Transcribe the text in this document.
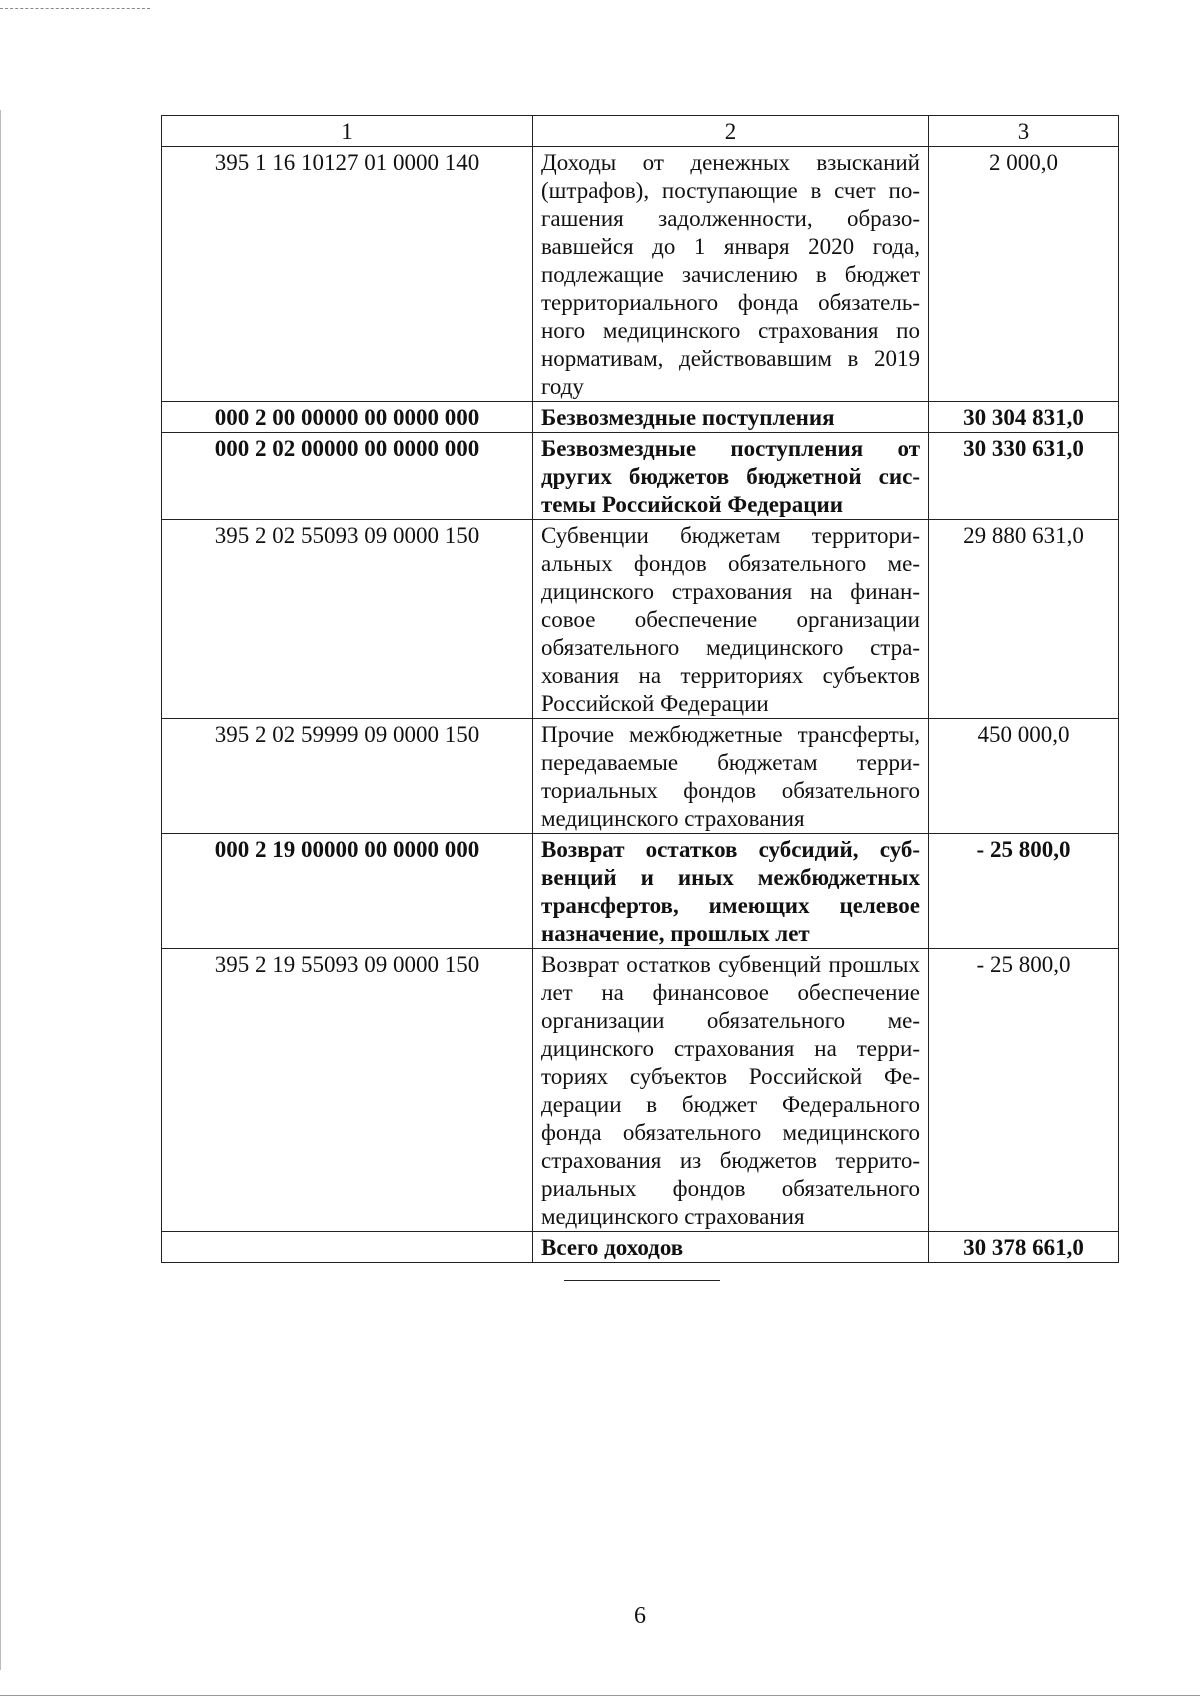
1	2	3
395 1 16 10127 01 0000 140	Доходы от денежных взысканий (штрафов), поступающие в счет погашения задолженности, образовавшейся до 1 января 2020 года, подлежащие зачислению в бюджет территориального фонда обязательного медицинского страхования по нормативам, действовавшим в 2019 году	2 000,0
000 2 00 00000 00 0000 000	Безвозмездные поступления	30 304 831,0
000 2 02 00000 00 0000 000	Безвозмездные поступления от других бюджетов бюджетной системы Российской Федерации	30 330 631,0
395 2 02 55093 09 0000 150	Субвенции бюджетам территориальных фондов обязательного медицинского страхования на финансовое обеспечение организации обязательного медицинского страхования на территориях субъектов Российской Федерации	29 880 631,0
395 2 02 59999 09 0000 150	Прочие межбюджетные трансферты, передаваемые бюджетам территориальных фондов обязательного медицинского страхования	450 000,0
000 2 19 00000 00 0000 000	Возврат остатков субсидий, субвенций и иных межбюджетных трансфертов, имеющих целевое назначение, прошлых лет	- 25 800,0
395 2 19 55093 09 0000 150	Возврат остатков субвенций прошлых лет на финансовое обеспечение организации обязательного медицинского страхования на территориях субъектов Российской Федерации в бюджет Федерального фонда обязательного медицинского страхования из бюджетов территориальных фондов обязательного медицинского страхования	- 25 800,0
	Всего доходов	30 378 661,0
6
